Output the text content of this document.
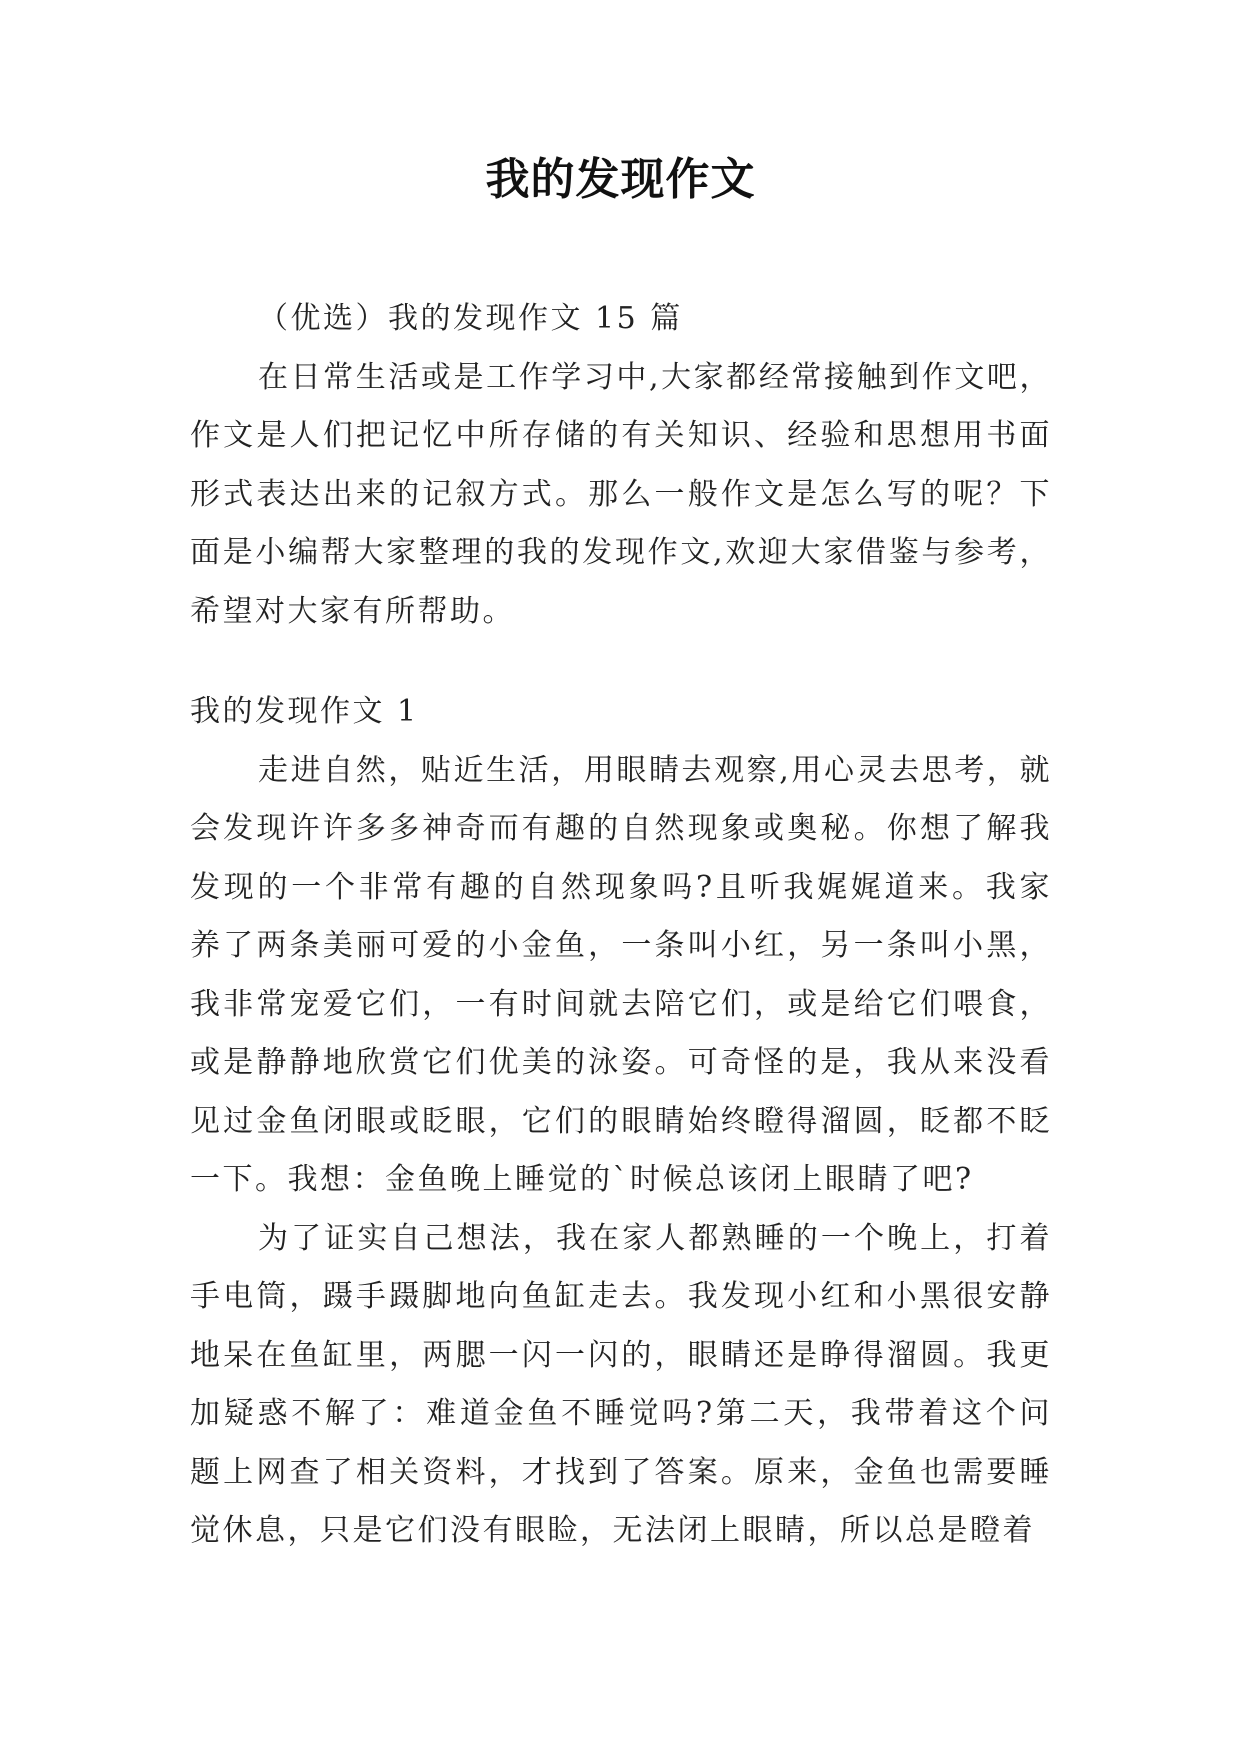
我的发现作文

（优选）我的发现作文 15 篇

在日常生活或是工作学习中,大家都经常接触到作文吧，作文是人们把记忆中所存储的有关知识、经验和思想用书面形式表达出来的记叙方式。那么一般作文是怎么写的呢？下面是小编帮大家整理的我的发现作文,欢迎大家借鉴与参考，希望对大家有所帮助。

我的发现作文 1

走进自然，贴近生活，用眼睛去观察,用心灵去思考，就会发现许许多多神奇而有趣的自然现象或奥秘。你想了解我发现的一个非常有趣的自然现象吗?且听我娓娓道来。我家养了两条美丽可爱的小金鱼，一条叫小红，另一条叫小黑，我非常宠爱它们，一有时间就去陪它们，或是给它们喂食，或是静静地欣赏它们优美的泳姿。可奇怪的是，我从来没看见过金鱼闭眼或眨眼，它们的眼睛始终瞪得溜圆，眨都不眨一下。我想：金鱼晚上睡觉的`时候总该闭上眼睛了吧?

为了证实自己想法，我在家人都熟睡的一个晚上，打着手电筒，蹑手蹑脚地向鱼缸走去。我发现小红和小黑很安静地呆在鱼缸里，两腮一闪一闪的，眼睛还是睁得溜圆。我更加疑惑不解了：难道金鱼不睡觉吗?第二天，我带着这个问题上网查了相关资料，才找到了答案。原来，金鱼也需要睡觉休息，只是它们没有眼睑，无法闭上眼睛，所以总是瞪着
